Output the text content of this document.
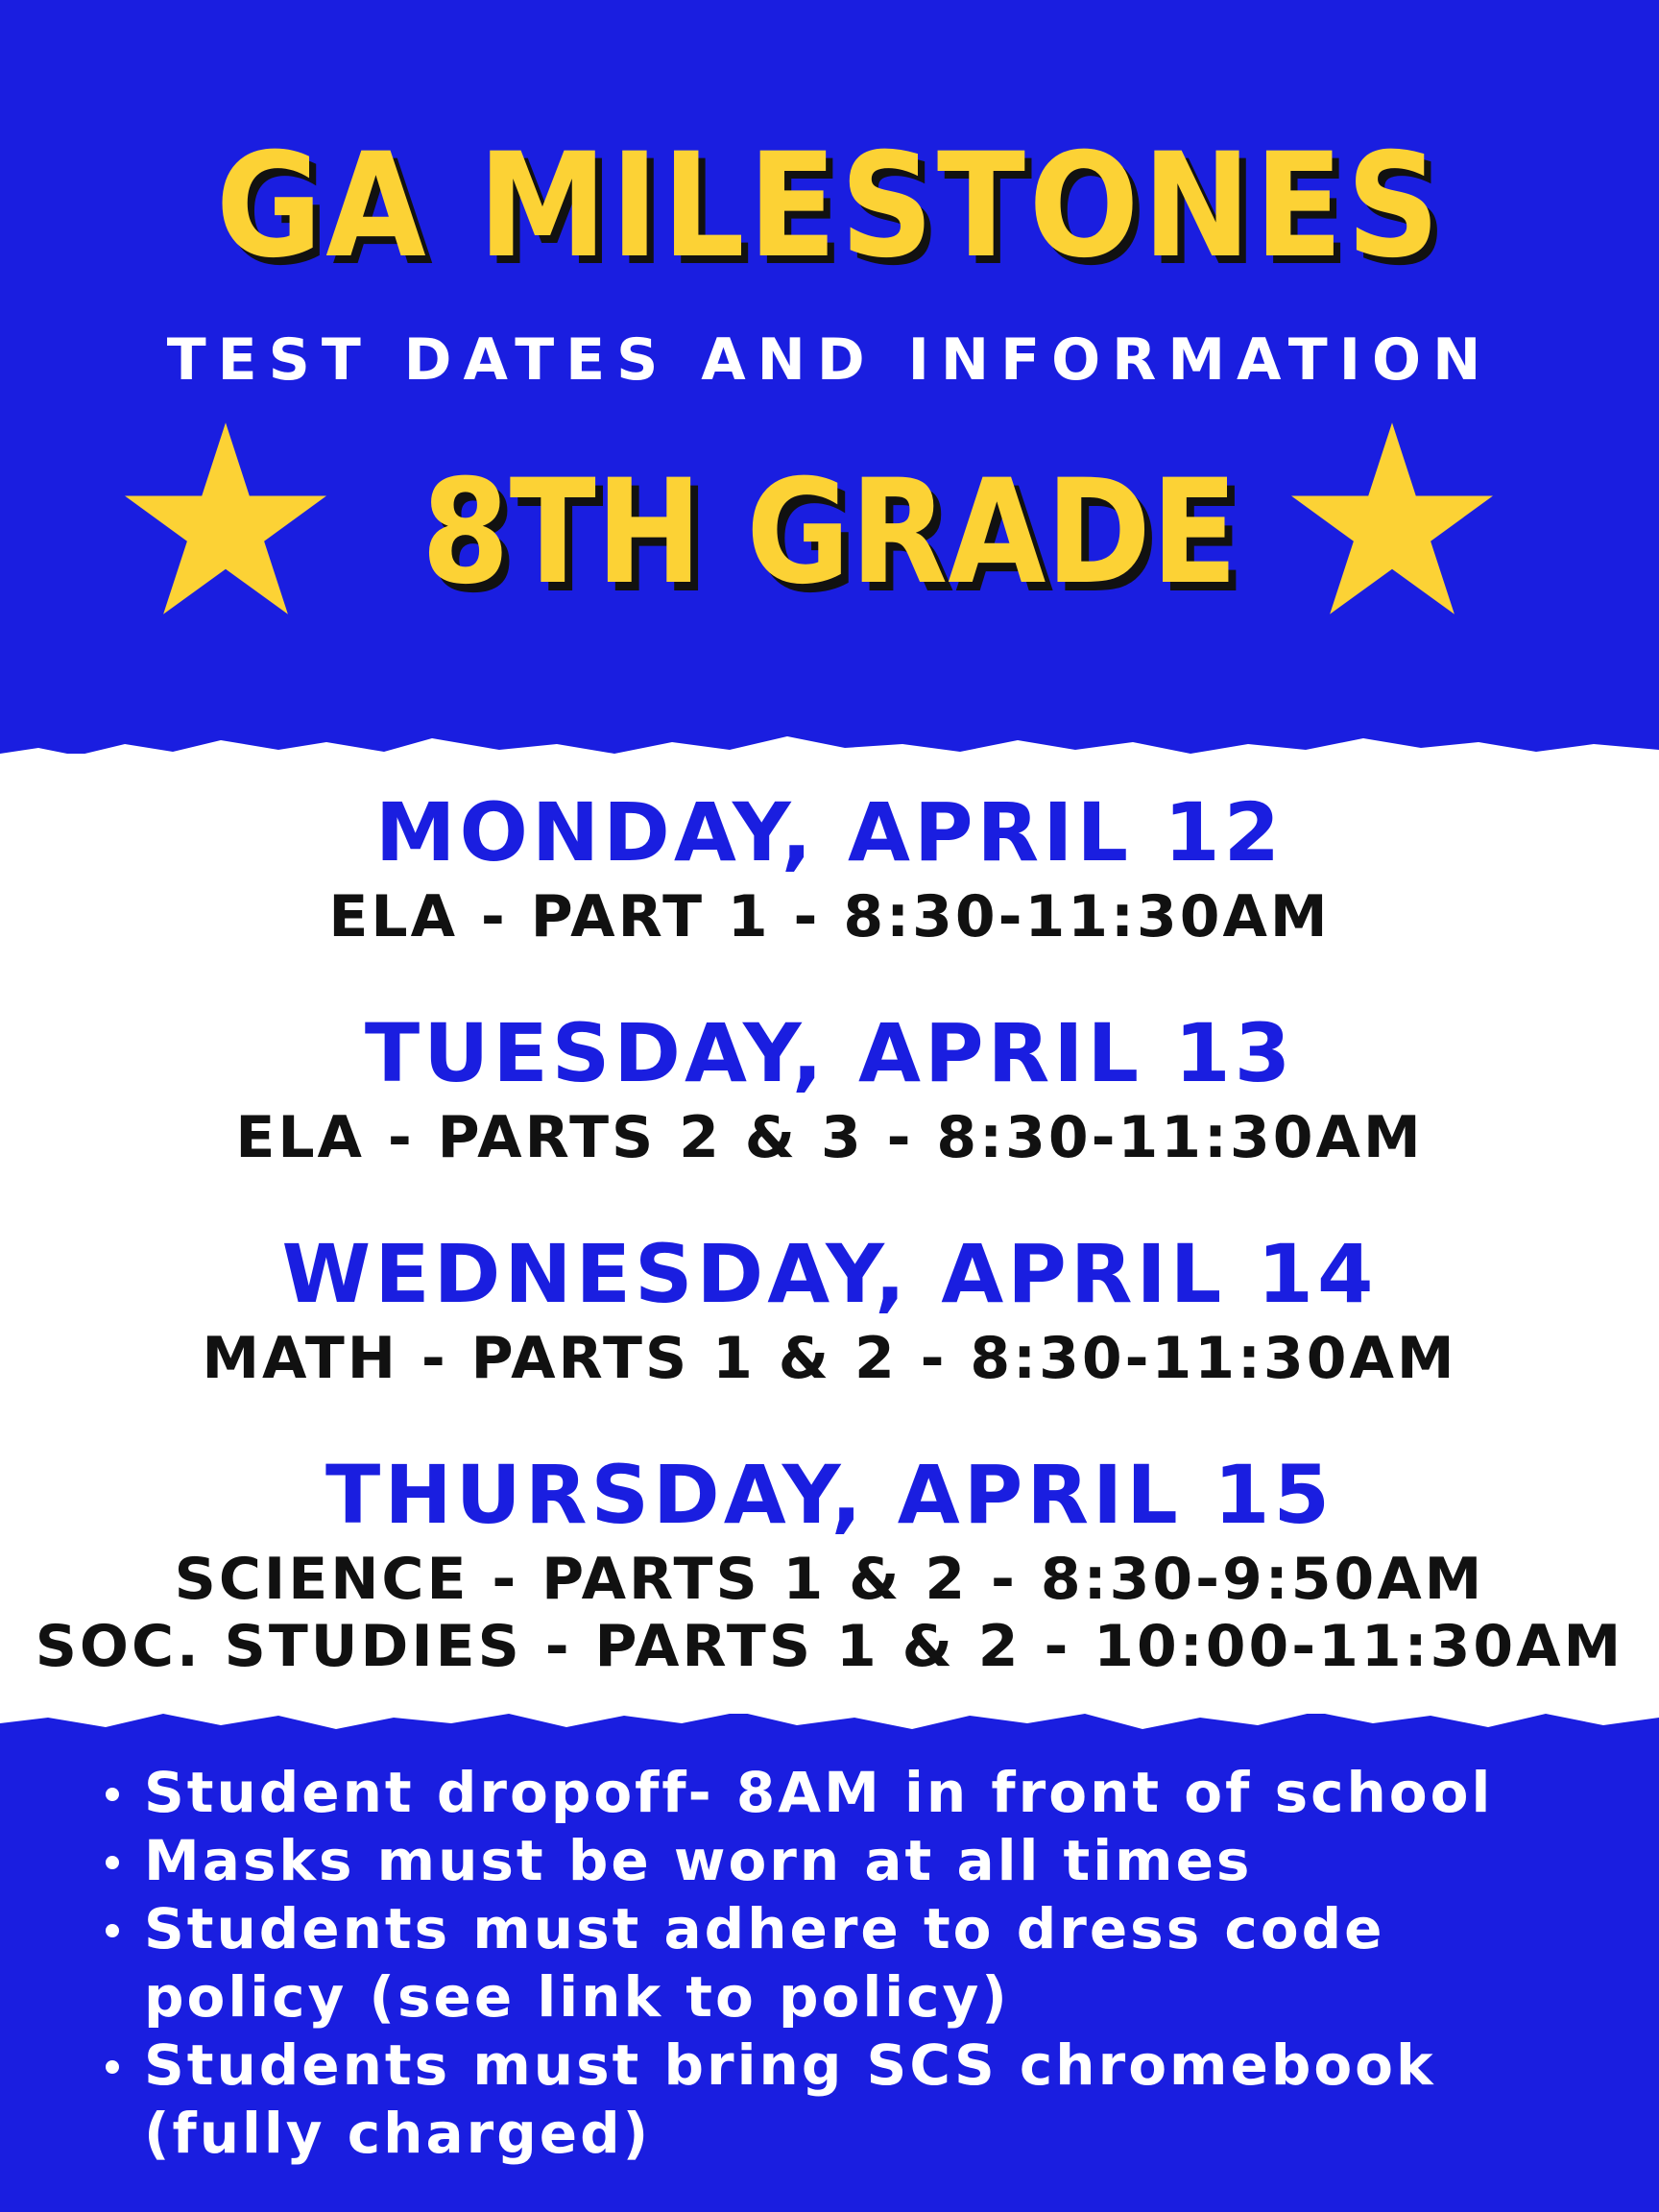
GA MILESTONES
TEST DATES AND INFORMATION
8TH GRADE
MONDAY, APRIL 12
ELA - PART 1 - 8:30-11:30AM
TUESDAY, APRIL 13
ELA - PARTS 2 & 3 - 8:30-11:30AM
WEDNESDAY, APRIL 14
MATH - PARTS 1 & 2 - 8:30-11:30AM
THURSDAY, APRIL 15
SCIENCE - PARTS 1 & 2 - 8:30-9:50AM
SOC. STUDIES - PARTS 1 & 2 - 10:00-11:30AM
Student dropoff- 8AM in front of school
Masks must be worn at all times
Students must adhere to dress code policy (see link to policy)
Students must bring SCS chromebook (fully charged)
